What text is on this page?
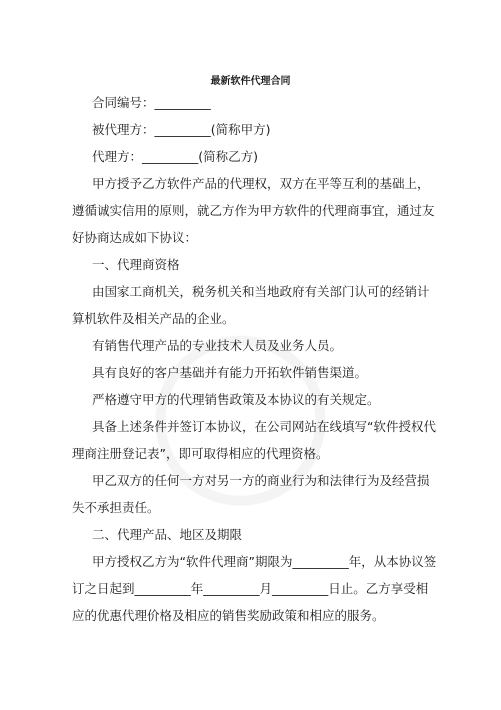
最新软件代理合同
合同编号：_________
被代理方：_________(简称甲方)
代理方：_________(简称乙方)
甲方授予乙方软件产品的代理权，双方在平等互利的基础上，
遵循诚实信用的原则，就乙方作为甲方软件的代理商事宜，通过友
好协商达成如下协议：
一、代理商资格
由国家工商机关，税务机关和当地政府有关部门认可的经销计
算机软件及相关产品的企业。
有销售代理产品的专业技术人员及业务人员。
具有良好的客户基础并有能力开拓软件销售渠道。
严格遵守甲方的代理销售政策及本协议的有关规定。
具备上述条件并签订本协议，在公司网站在线填写“软件授权代
理商注册登记表”，即可取得相应的代理资格。
甲乙双方的任何一方对另一方的商业行为和法律行为及经营损
失不承担责任。
二、代理产品、地区及期限
甲方授权乙方为“软件代理商”期限为_________年，从本协议签
订之日起到_________年_________月_________日止。乙方享受相
应的优惠代理价格及相应的销售奖励政策和相应的服务。
